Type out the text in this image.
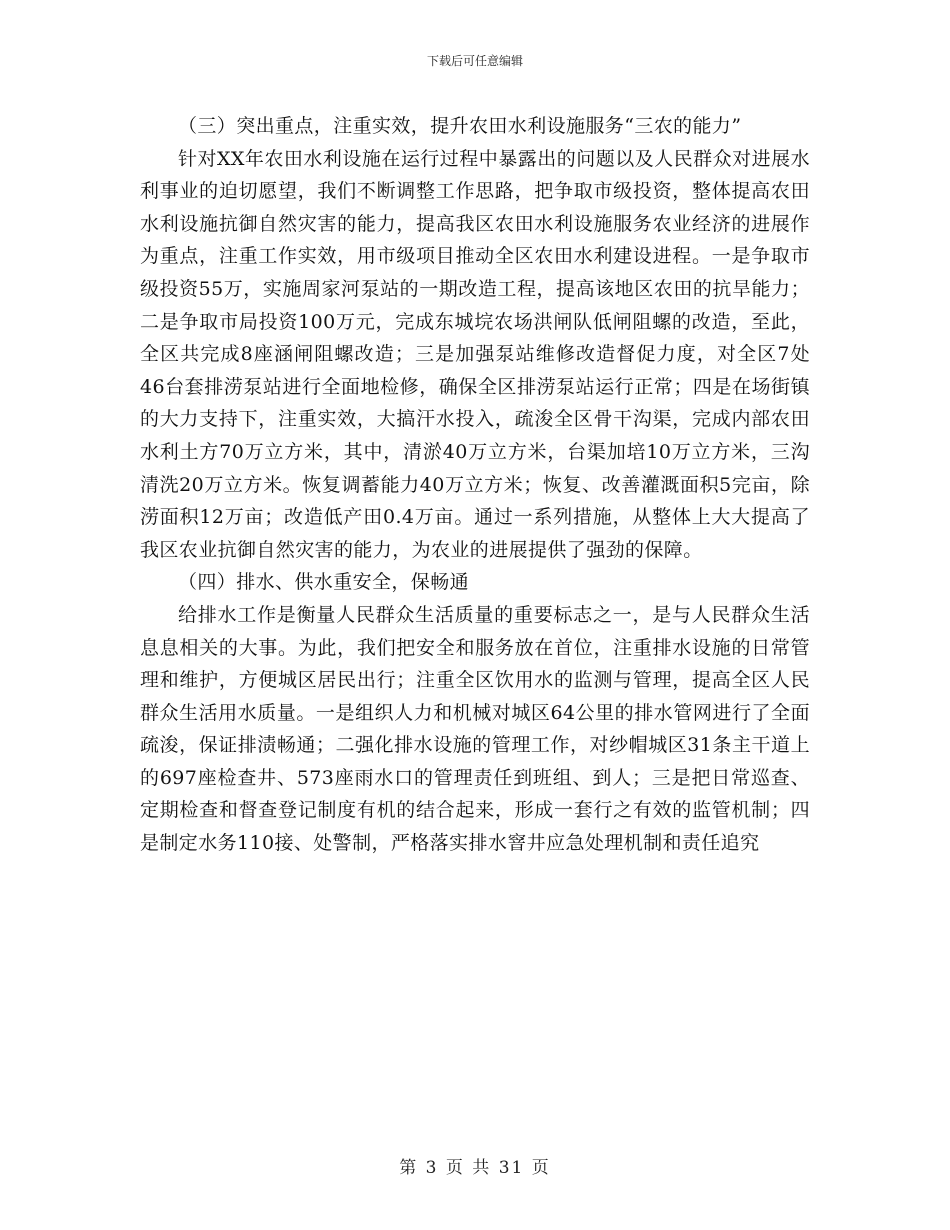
下载后可任意编辑

（三）突出重点，注重实效，提升农田水利设施服务“三农的能力”

针对XX年农田水利设施在运行过程中暴露出的问题以及人民群众对进展水利事业的迫切愿望，我们不断调整工作思路，把争取市级投资，整体提高农田水利设施抗御自然灾害的能力，提高我区农田水利设施服务农业经济的进展作为重点，注重工作实效，用市级项目推动全区农田水利建设进程。一是争取市级投资55万，实施周家河泵站的一期改造工程，提高该地区农田的抗旱能力；二是争取市局投资100万元，完成东城垸农场洪闸队低闸阻螺的改造，至此，全区共完成8座涵闸阻螺改造；三是加强泵站维修改造督促力度，对全区7处46台套排涝泵站进行全面地检修，确保全区排涝泵站运行正常；四是在场街镇的大力支持下，注重实效，大搞汗水投入，疏浚全区骨干沟渠，完成内部农田水利土方70万立方米，其中，清淤40万立方米，台渠加培10万立方米，三沟清洗20万立方米。恢复调蓄能力40万立方米；恢复、改善灌溉面积5完亩，除涝面积12万亩；改造低产田0.4万亩。通过一系列措施，从整体上大大提高了我区农业抗御自然灾害的能力，为农业的进展提供了强劲的保障。

（四）排水、供水重安全，保畅通

给排水工作是衡量人民群众生活质量的重要标志之一，是与人民群众生活息息相关的大事。为此，我们把安全和服务放在首位，注重排水设施的日常管理和维护，方便城区居民出行；注重全区饮用水的监测与管理，提高全区人民群众生活用水质量。一是组织人力和机械对城区64公里的排水管网进行了全面疏浚，保证排渍畅通；二强化排水设施的管理工作，对纱帽城区31条主干道上的697座检查井、573座雨水口的管理责任到班组、到人；三是把日常巡查、定期检查和督查登记制度有机的结合起来，形成一套行之有效的监管机制；四是制定水务110接、处警制，严格落实排水窨井应急处理机制和责任追究

第 3 页 共 31 页
